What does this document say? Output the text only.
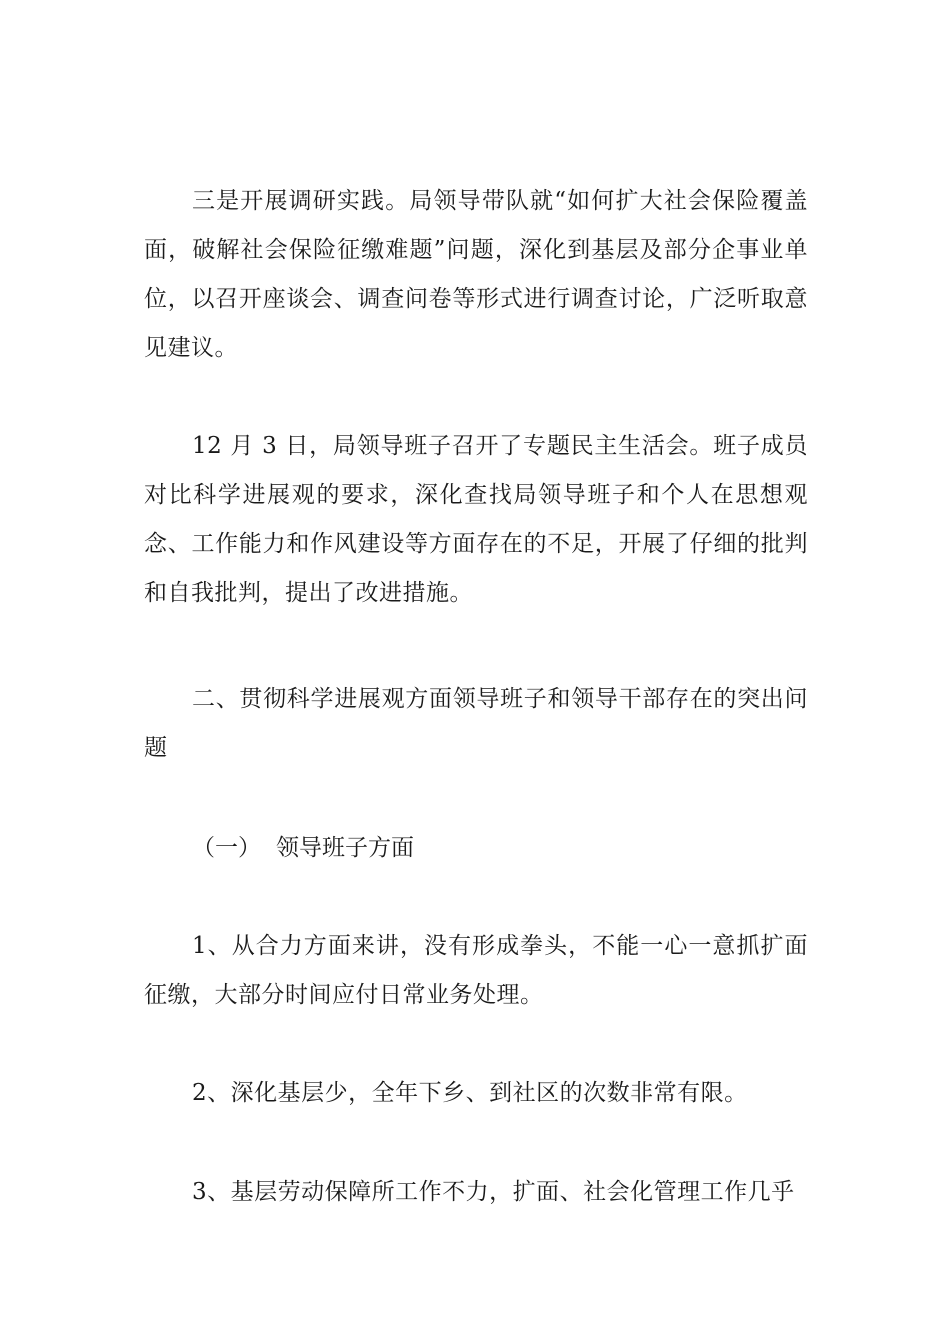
三是开展调研实践。局领导带队就“如何扩大社会保险覆盖面，破解社会保险征缴难题”问题，深化到基层及部分企事业单位，以召开座谈会、调查问卷等形式进行调查讨论，广泛听取意见建议。

12 月 3 日，局领导班子召开了专题民主生活会。班子成员对比科学进展观的要求，深化查找局领导班子和个人在思想观念、工作能力和作风建设等方面存在的不足，开展了仔细的批判和自我批判，提出了改进措施。

二、贯彻科学进展观方面领导班子和领导干部存在的突出问题

（一） 领导班子方面

1、从合力方面来讲，没有形成拳头，不能一心一意抓扩面征缴，大部分时间应付日常业务处理。

2、深化基层少，全年下乡、到社区的次数非常有限。

3、基层劳动保障所工作不力，扩面、社会化管理工作几乎
